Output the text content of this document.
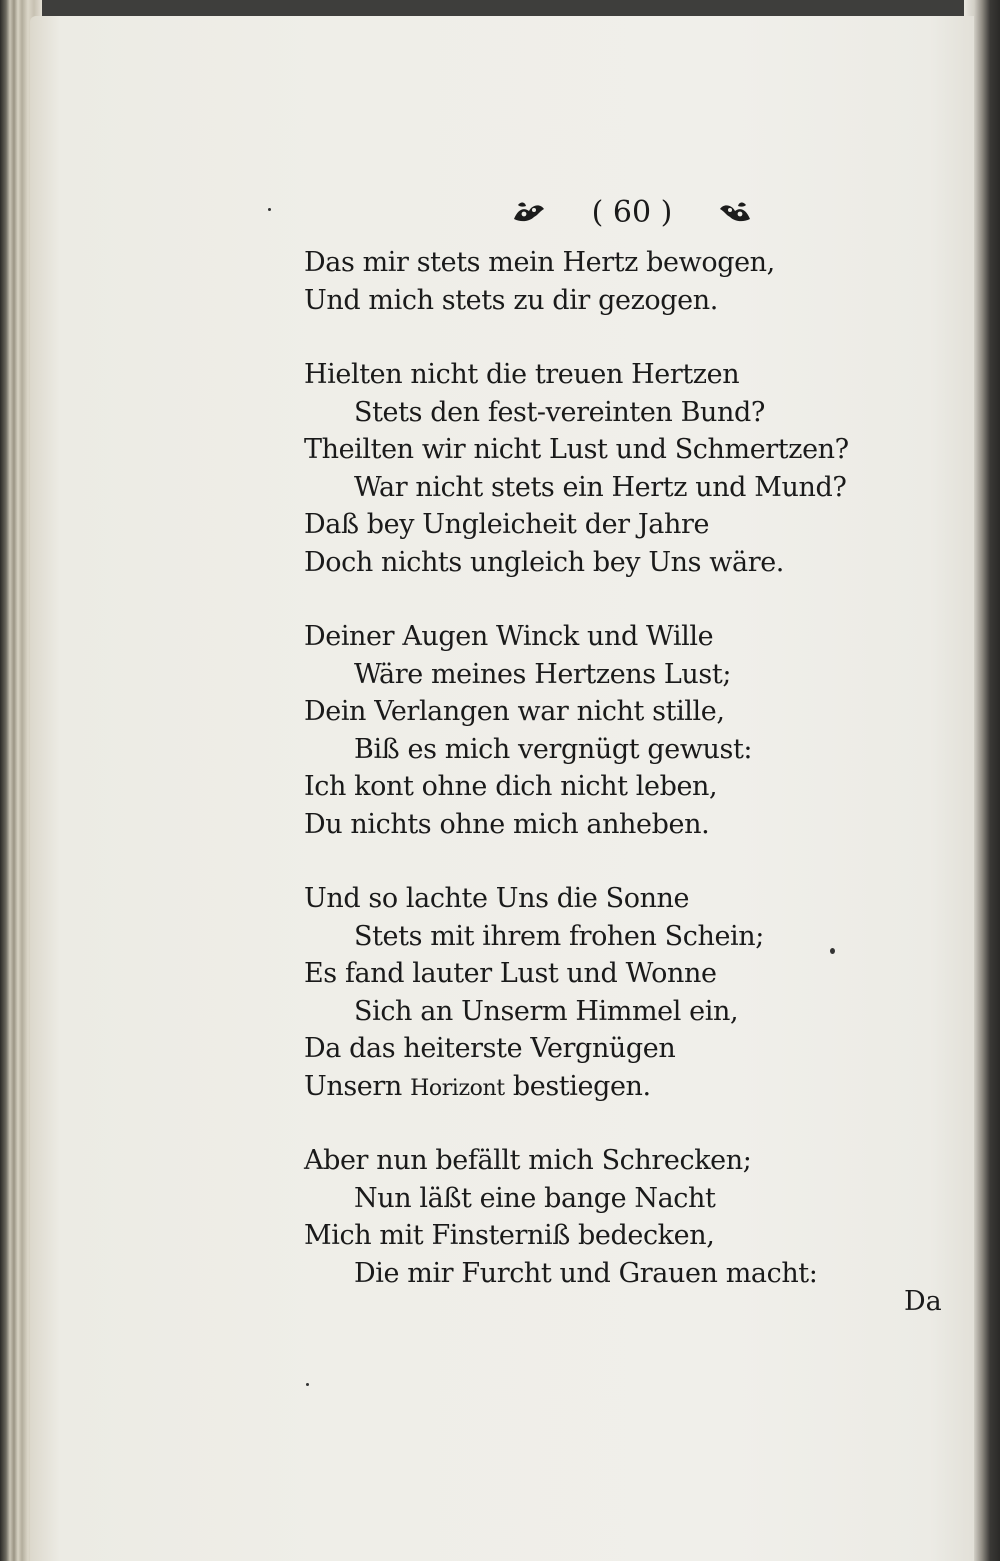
( 60 )
Das mir stets mein Hertz bewogen,
Und mich stets zu dir gezogen.
Hielten nicht die treuen Hertzen
Stets den fest-vereinten Bund?
Theilten wir nicht Lust und Schmertzen?
War nicht stets ein Hertz und Mund?
Daß bey Ungleicheit der Jahre
Doch nichts ungleich bey Uns wäre.
Deiner Augen Winck und Wille
Wäre meines Hertzens Lust;
Dein Verlangen war nicht stille,
Biß es mich vergnügt gewust:
Ich kont ohne dich nicht leben,
Du nichts ohne mich anheben.
Und so lachte Uns die Sonne
Stets mit ihrem frohen Schein;
Es fand lauter Lust und Wonne
Sich an Unserm Himmel ein,
Da das heiterste Vergnügen
Unsern Horizont bestiegen.
Aber nun befällt mich Schrecken;
Nun läßt eine bange Nacht
Mich mit Finsterniß bedecken,
Die mir Furcht und Grauen macht:
Da
